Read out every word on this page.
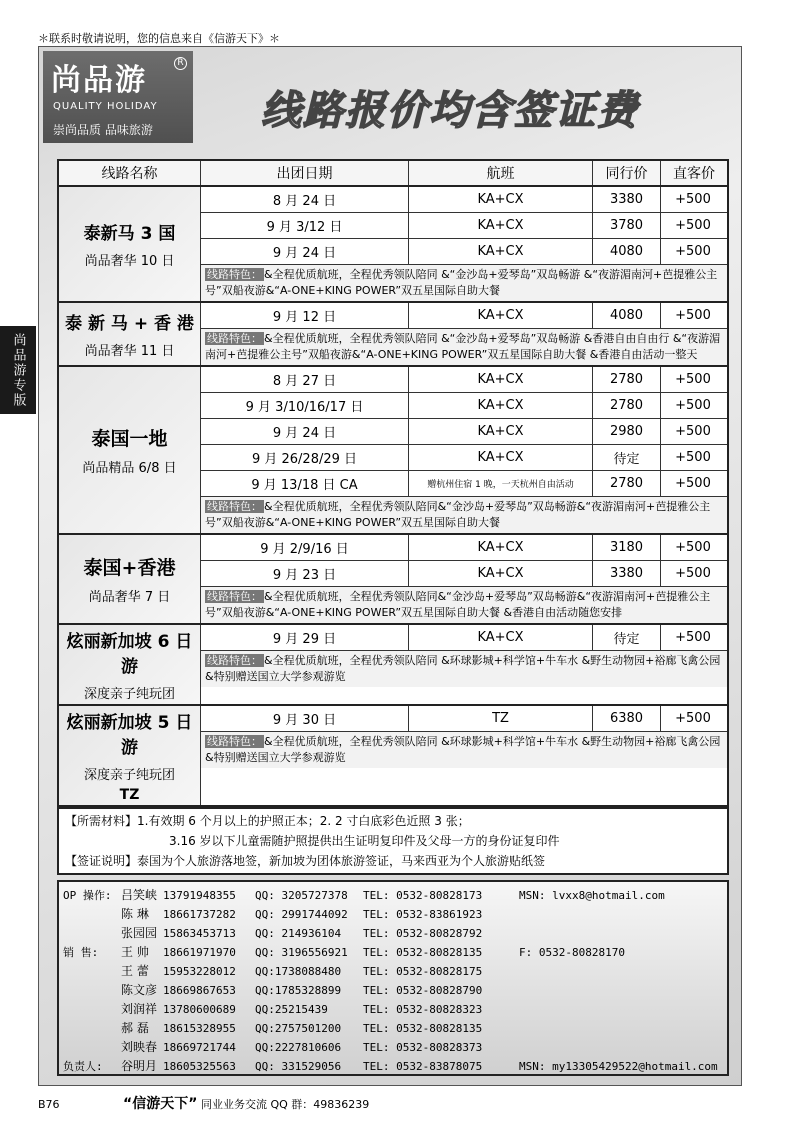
＊联系时敬请说明，您的信息来自《信游天下》＊
尚品游专版
尚品游	R
QUALITY HOLIDAY
崇尚品质 品味旅游	线路报价均含签证费
线路名称	出团日期	航班	同行价	直客价
泰新马 3 国
尚品奢华 10 日
8 月 24 日	KA+CX	3380	+500
9 月 3/12 日	KA+CX	3780	+500
9 月 24 日	KA+CX	4080	+500
线路特色： &全程优质航班，全程优秀领队陪同 &“金沙岛+爱琴岛”双岛畅游 &“夜游湄南河+芭提雅公主号”双船夜游&“A-ONE+KING POWER”双五星国际自助大餐
泰 新 马 + 香 港
尚品奢华 11 日
9 月 12 日	KA+CX	4080	+500
线路特色： &全程优质航班，全程优秀领队陪同 &“金沙岛+爱琴岛”双岛畅游 &香港自由自由行 &“夜游湄南河+芭提雅公主号”双船夜游&“A-ONE+KING POWER”双五星国际自助大餐 &香港自由活动一整天
泰国一地
尚品精品 6/8 日
8 月 27 日	KA+CX	2780	+500
9 月 3/10/16/17 日	KA+CX	2780	+500
9 月 24 日	KA+CX	2980	+500
9 月 26/28/29 日	KA+CX	待定	+500
9 月 13/18 日 CA	赠杭州住宿 1 晚，一天杭州自由活动	2780	+500
线路特色： &全程优质航班，全程优秀领队陪同&“金沙岛+爱琴岛”双岛畅游&“夜游湄南河+芭提雅公主号”双船夜游&“A-ONE+KING POWER”双五星国际自助大餐
泰国+香港
尚品奢华 7 日
9 月 2/9/16 日	KA+CX	3180	+500
9 月 23 日	KA+CX	3380	+500
线路特色： &全程优质航班，全程优秀领队陪同&“金沙岛+爱琴岛”双岛畅游&“夜游湄南河+芭提雅公主号”双船夜游&“A-ONE+KING POWER”双五星国际自助大餐 &香港自由活动随您安排
炫丽新加坡 6 日游
深度亲子纯玩团
9 月 29 日	KA+CX	待定	+500
线路特色： &全程优质航班，全程优秀领队陪同 &环球影城+科学馆+牛车水 &野生动物园+裕廊飞禽公园 &特别赠送国立大学参观游览
炫丽新加坡 5 日游
深度亲子纯玩团
TZ
9 月 30 日	TZ	6380	+500
线路特色： &全程优质航班，全程优秀领队陪同 &环球影城+科学馆+牛车水 &野生动物园+裕廊飞禽公园 &特别赠送国立大学参观游览
【所需材料】1.有效期 6 个月以上的护照正本；2. 2 寸白底彩色近照 3 张；
3.16 岁以下儿童需随护照提供出生证明复印件及父母一方的身份证复印件
【签证说明】泰国为个人旅游落地签，新加坡为团体旅游签证，马来西亚为个人旅游贴纸签
OP 操作: 吕笑峡 13791948355 QQ: 3205727378 TEL: 0532-80828173	MSN: lvxx8@hotmail.com
陈 琳 18661737282 QQ: 2991744092 TEL: 0532-83861923
张园园 15863453713 QQ: 214936104 TEL: 0532-80828792
销 售: 王 帅 18661971970 QQ: 3196556921 TEL: 0532-80828135	F: 0532-80828170
王 蕾 15953228012 QQ:1738088480 TEL: 0532-80828175
陈文彦 18669867653 QQ:1785328899 TEL: 0532-80828790
刘润祥 13780600689 QQ:25215439	TEL: 0532-80828323
郝 磊 18615328955 QQ:2757501200 TEL: 0532-80828135
刘映春 18669721744 QQ:2227810606 TEL: 0532-80828373
负责人: 谷明月 18605325563 QQ: 331529056 TEL: 0532-83878075	MSN: my13305429522@hotmail.com
B76	“信游天下” 同业业务交流 QQ 群：49836239
